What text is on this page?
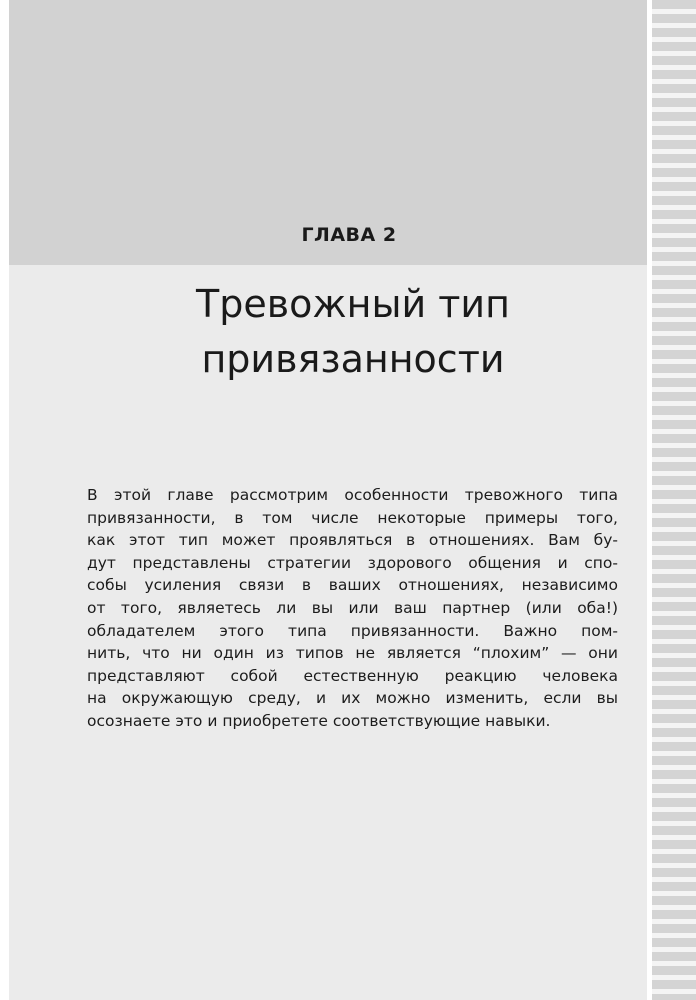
ГЛАВА 2
Тревожный тип
привязанности
В этой главе рассмотрим особенности тревожного типа
привязанности, в том числе некоторые примеры того,
как этот тип может проявляться в отношениях. Вам бу-
дут представлены стратегии здорового общения и спо-
собы усиления связи в ваших отношениях, независимо
от того, являетесь ли вы или ваш партнер (или оба!)
обладателем этого типа привязанности. Важно пом-
нить, что ни один из типов не является “плохим” — они
представляют собой естественную реакцию человека
на окружающую среду, и их можно изменить, если вы
осознаете это и приобретете соответствующие навыки.
